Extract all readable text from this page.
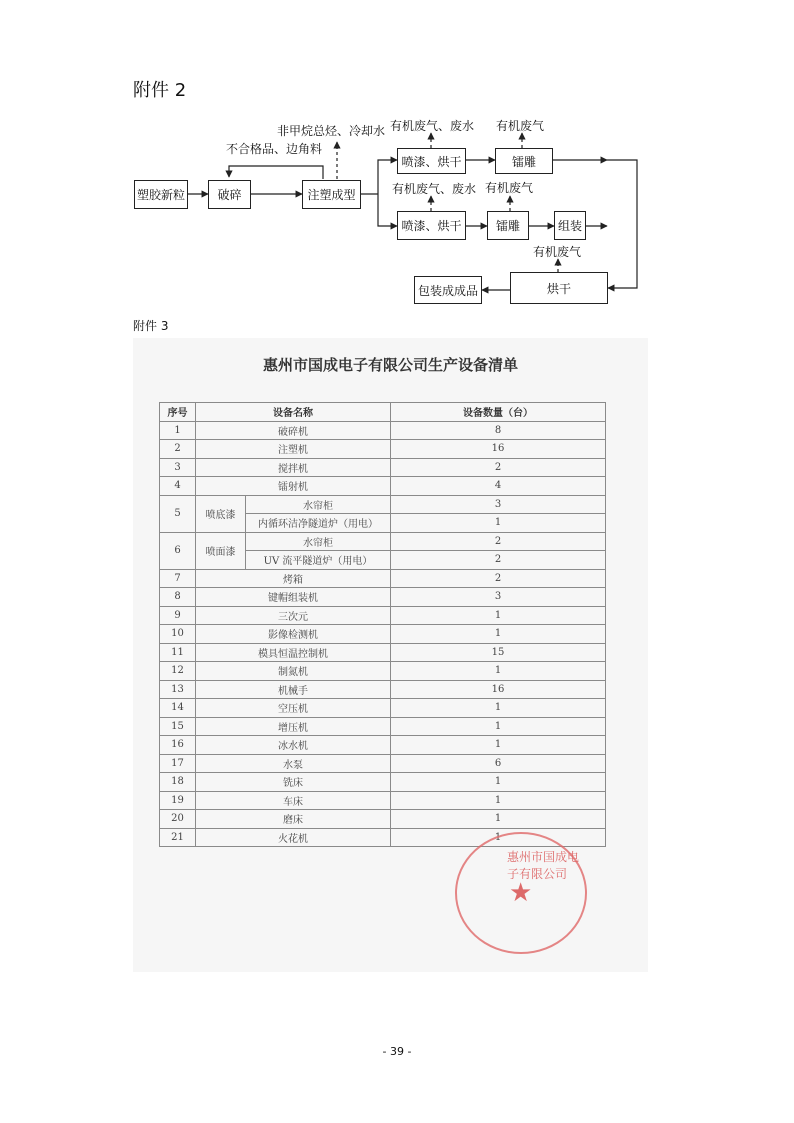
附件 2
塑胶新粒	破碎	注塑成型
喷漆、烘干	镭雕
喷漆、烘干	镭雕	组装
烘干
包装成成品
非甲烷总烃、冷却水
不合格品、边角料
有机废气、废水 有机废气
有机废气、废水 有机废气
有机废气
附件 3
惠州市国成电子有限公司生产设备清单
序号	设备名称		设备数量（台）
1	破碎机		8
2	注塑机		16
3	搅拌机		2
4	镭射机		4
5	喷底漆	水帘柜	3
		内循环洁净隧道炉（用电）	1
6	喷面漆	水帘柜	2
		UV 流平隧道炉（用电）	2
7	烤箱		2
8	键帽组装机		3
9	三次元		1
10	影像检测机		1
11	模具恒温控制机		15
12	制氮机		1
13	机械手		16
14	空压机		1
15	增压机		1
16	冰水机		1
17	水泵		6
18	铣床		1
19	车床		1
20	磨床		1
21	火花机		1
★
惠州市国成电子有限公司
- 39 -
